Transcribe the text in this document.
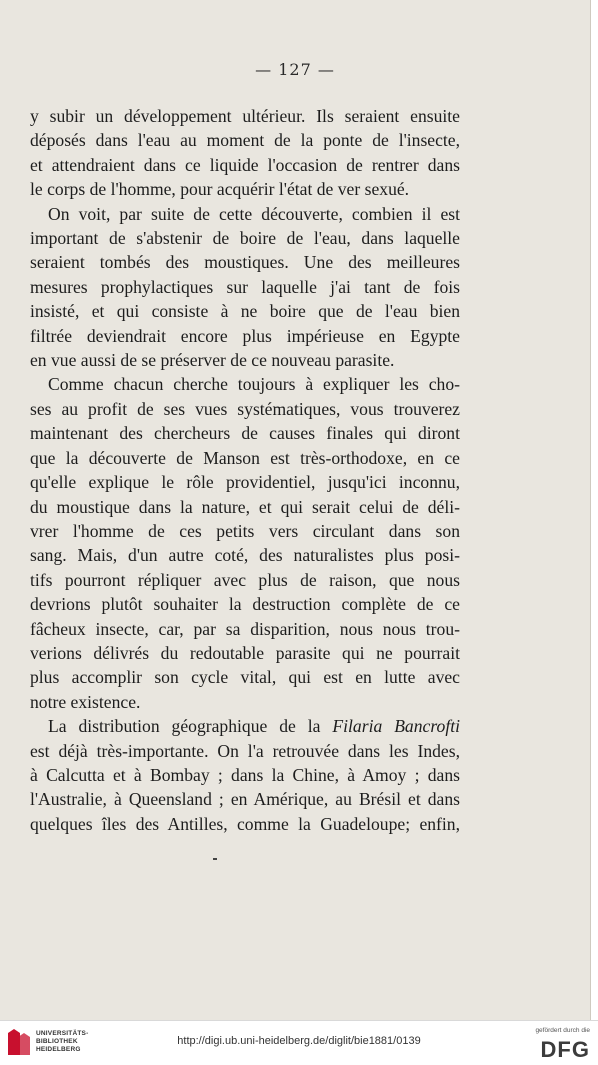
— 127 —
y subir un développement ultérieur. Ils seraient ensuite
déposés dans l'eau au moment de la ponte de l'insecte,
et attendraient dans ce liquide l'occasion de rentrer dans
le corps de l'homme, pour acquérir l'état de ver sexué.
On voit, par suite de cette découverte, combien il est
important de s'abstenir de boire de l'eau, dans laquelle
seraient tombés des moustiques. Une des meilleures
mesures prophylactiques sur laquelle j'ai tant de fois
insisté, et qui consiste à ne boire que de l'eau bien
filtrée deviendrait encore plus impérieuse en Egypte
en vue aussi de se préserver de ce nouveau parasite.
Comme chacun cherche toujours à expliquer les cho-
ses au profit de ses vues systématiques, vous trouverez
maintenant des chercheurs de causes finales qui diront
que la découverte de Manson est très-orthodoxe, en ce
qu'elle explique le rôle providentiel, jusqu'ici inconnu,
du moustique dans la nature, et qui serait celui de déli-
vrer l'homme de ces petits vers circulant dans son
sang. Mais, d'un autre coté, des naturalistes plus posi-
tifs pourront répliquer avec plus de raison, que nous
devrions plutôt souhaiter la destruction complète de ce
fâcheux insecte, car, par sa disparition, nous nous trou-
verions délivrés du redoutable parasite qui ne pourrait
plus accomplir son cycle vital, qui est en lutte avec
notre existence.
La distribution géographique de la Filaria Bancrofti
est déjà très-importante. On l'a retrouvée dans les Indes,
à Calcutta et à Bombay ; dans la Chine, à Amoy ; dans
l'Australie, à Queensland ; en Amérique, au Brésil et dans
quelques îles des Antilles, comme la Guadeloupe; enfin,
UNIVERSITÄTS-
BIBLIOTHEK
HEIDELBERG
http://digi.ub.uni-heidelberg.de/diglit/bie1881/0139
gefördert durch die
DFG
